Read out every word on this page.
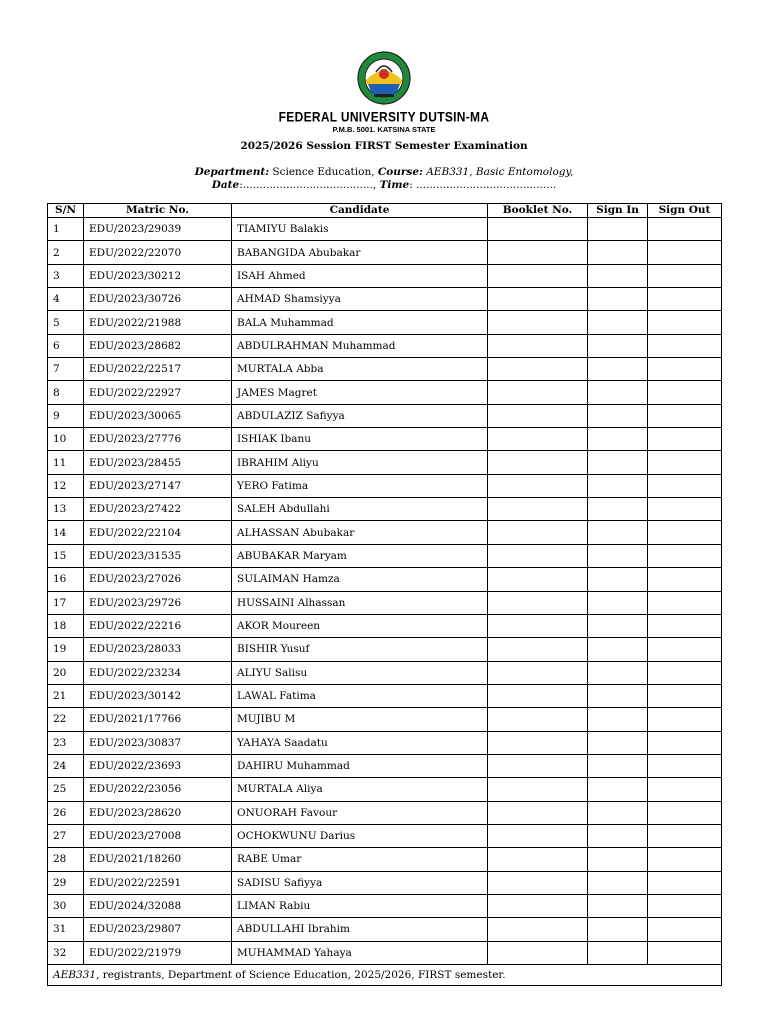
FEDERAL UNIVERSITY DUTSIN-MA
P.M.B. 5001. KATSINA STATE
2025/2026 Session FIRST Semester Examination
Department: Science Education, Course: AEB331, Basic Entomology,
Date:......................................., Time: ..........................................
S/N	Matric No.	Candidate	Booklet No.	Sign In	Sign Out
1	EDU/2023/29039	TIAMIYU Balakis			
2	EDU/2022/22070	BABANGIDA Abubakar			
3	EDU/2023/30212	ISAH Ahmed			
4	EDU/2023/30726	AHMAD Shamsiyya			
5	EDU/2022/21988	BALA Muhammad			
6	EDU/2023/28682	ABDULRAHMAN Muhammad			
7	EDU/2022/22517	MURTALA Abba			
8	EDU/2022/22927	JAMES Magret			
9	EDU/2023/30065	ABDULAZIZ Safiyya			
10	EDU/2023/27776	ISHIAK Ibanu			
11	EDU/2023/28455	IBRAHIM Aliyu			
12	EDU/2023/27147	YERO Fatima			
13	EDU/2023/27422	SALEH Abdullahi			
14	EDU/2022/22104	ALHASSAN Abubakar			
15	EDU/2023/31535	ABUBAKAR Maryam			
16	EDU/2023/27026	SULAIMAN Hamza			
17	EDU/2023/29726	HUSSAINI Alhassan			
18	EDU/2022/22216	AKOR Moureen			
19	EDU/2023/28033	BISHIR Yusuf			
20	EDU/2022/23234	ALIYU Salisu			
21	EDU/2023/30142	LAWAL Fatima			
22	EDU/2021/17766	MUJIBU M			
23	EDU/2023/30837	YAHAYA Saadatu			
24	EDU/2022/23693	DAHIRU Muhammad			
25	EDU/2022/23056	MURTALA Aliya			
26	EDU/2023/28620	ONUORAH Favour			
27	EDU/2023/27008	OCHOKWUNU Darius			
28	EDU/2021/18260	RABE Umar			
29	EDU/2022/22591	SADISU Safiyya			
30	EDU/2024/32088	LIMAN Rabiu			
31	EDU/2023/29807	ABDULLAHI Ibrahim			
32	EDU/2022/21979	MUHAMMAD Yahaya			
AEB331, registrants, Department of Science Education, 2025/2026, FIRST semester.					
